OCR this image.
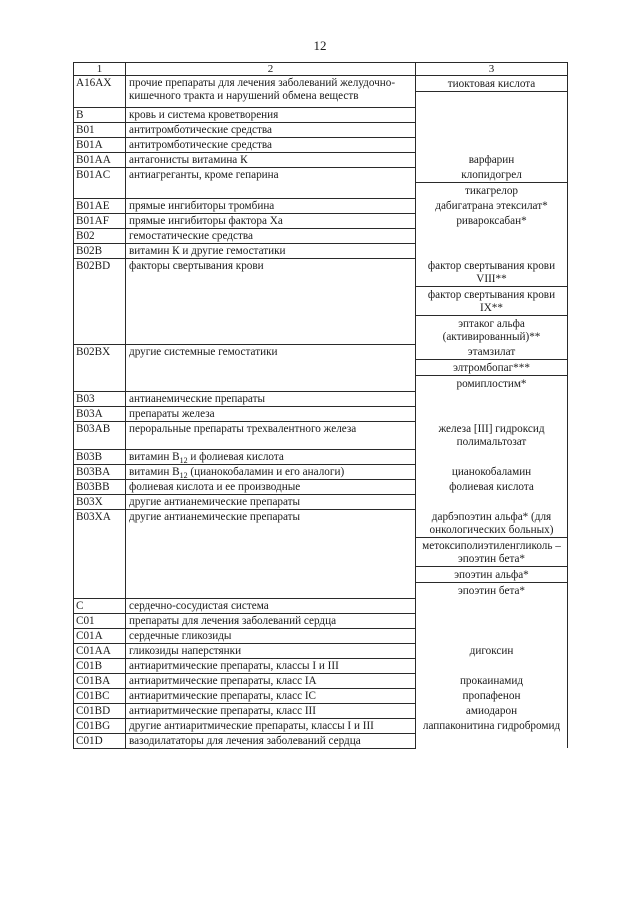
12
1	2	3
A16AX	прочие препараты для лечения заболеваний желудочно-кишечного тракта и нарушений обмена веществ	тиоктовая кислота

B	кровь и система кроветворения	

B01	антитромботические средства	

B01A	антитромботические средства	

B01AA	антагонисты витамина К	варфарин

B01AC	антиагреганты, кроме гепарина	клопидогрел
тикагрелор

B01AE	прямые ингибиторы тромбина	дабигатрана этексилат*

B01AF	прямые ингибиторы фактора Xa	ривароксабан*

B02	гемостатические средства	

B02B	витамин К и другие гемостатики	

B02BD	факторы свертывания крови	фактор свертывания крови VIII**
фактор свертывания крови IX**
эптаког альфа (активированный)**

B02BX	другие системные гемостатики	этамзилат
элтромбопаг***
ромиплостим*

B03	антианемические препараты	

B03A	препараты железа	

B03AB	пероральные препараты трехвалентного железа	железа [III] гидроксид полимальтозат

B03B	витамин $B_{12}$ и фолиевая кислота	

B03BA	витамин $B_{12}$ (цианокобаламин и его аналоги)	цианокобаламин

B03BB	фолиевая кислота и ее производные	фолиевая кислота

B03X	другие антианемические препараты	

B03XA	другие антианемические препараты	дарбэпоэтин альфа* (для онкологических больных)
метоксиполиэтиленгликоль – эпоэтин бета*
эпоэтин альфа*
эпоэтин бета*

C	сердечно-сосудистая система	

C01	препараты для лечения заболеваний сердца	

C01A	сердечные гликозиды	

C01AA	гликозиды наперстянки	дигоксин

C01B	антиаритмические препараты, классы I и III	

C01BA	антиаритмические препараты, класс IA	прокаинамид

C01BC	антиаритмические препараты, класс IC	пропафенон

C01BD	антиаритмические препараты, класс III	амиодарон

C01BG	другие антиаритмические препараты, классы I и III	лаппаконитина гидробромид

C01D	вазодилататоры для лечения заболеваний сердца	
